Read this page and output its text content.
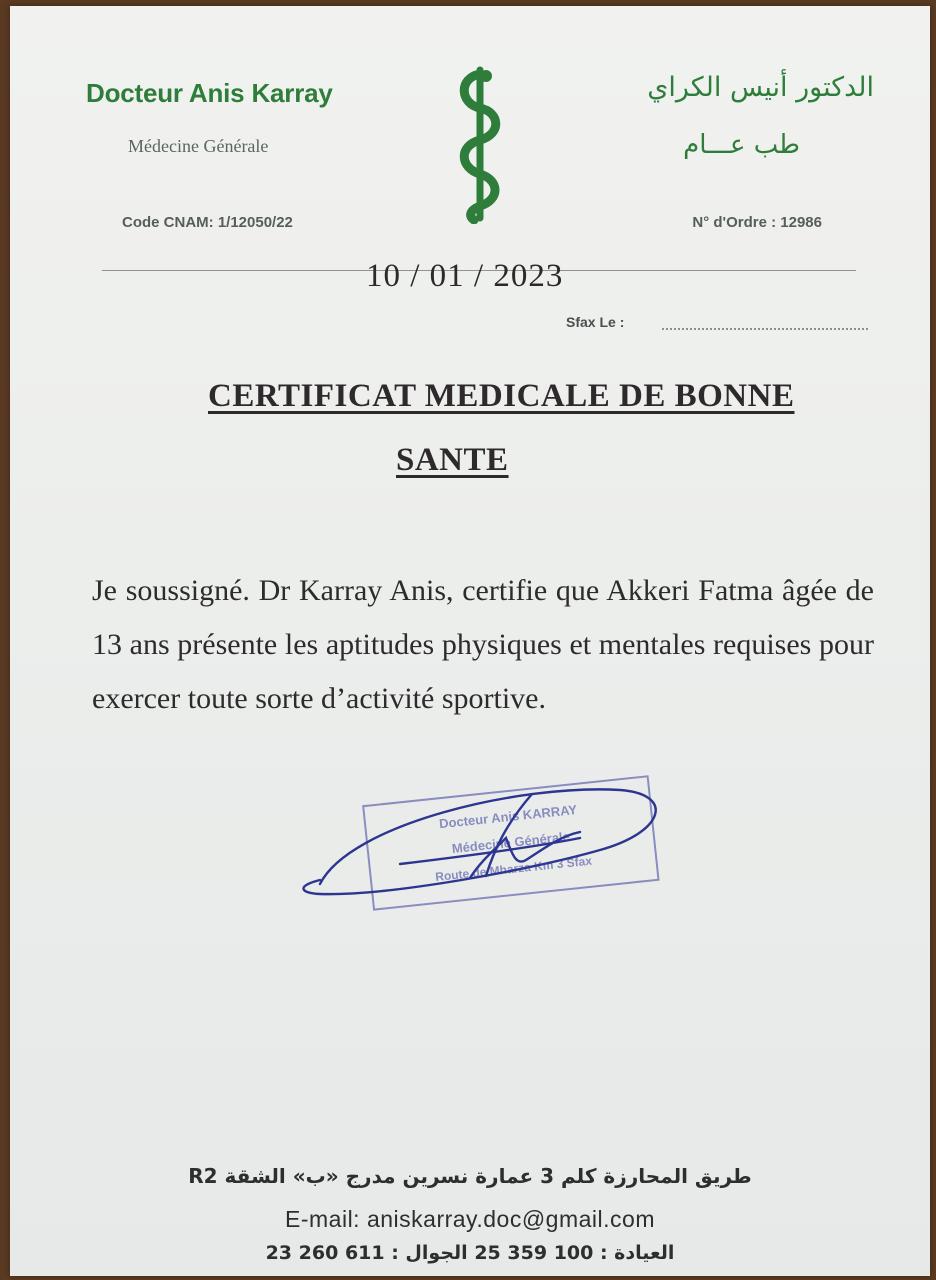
Docteur Anis Karray
Médecine Générale
الدكتور أنيس الكراي
طب عـــام
Code CNAM: 1/12050/22	N° d'Ordre : 12986
10 / 01 / 2023
Sfax Le :
CERTIFICAT MEDICALE DE BONNE
SANTE
Je soussigné. Dr Karray Anis, certifie que Akkeri Fatma âgée de 13 ans présente les aptitudes physiques et mentales requises pour exercer toute sorte d’activité sportive.
Docteur Anis KARRAY
Médecine Générale
Route de Mharza Km 3 Sfax
طريق المحارزة كلم 3 عمارة نسرين مدرج «ب» الشقة R2
E-mail: aniskarray.doc@gmail.com
العيادة : 100 359 25 الجوال : 611 260 23
